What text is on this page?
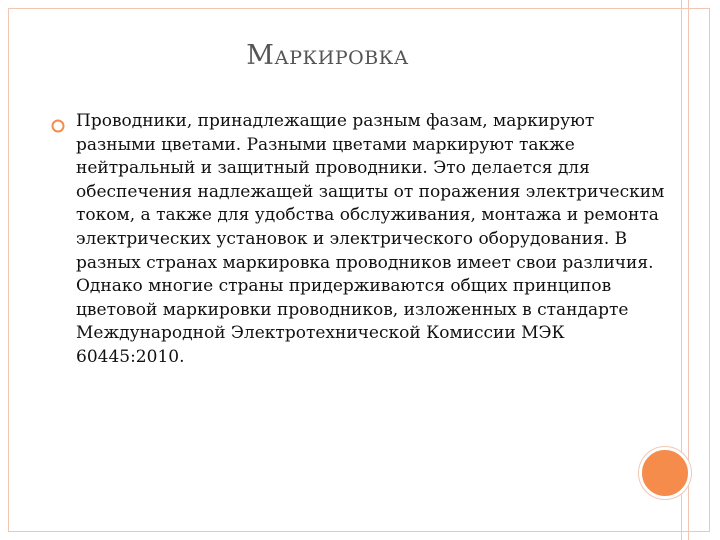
Маркировка

Проводники, принадлежащие разным фазам, маркируют разными цветами. Разными цветами маркируют также нейтральный и защитный проводники. Это делается для обеспечения надлежащей защиты от поражения электрическим током, а также для удобства обслуживания, монтажа и ремонта электрических установок и электрического оборудования. В разных странах маркировка проводников имеет свои различия. Однако многие страны придерживаются общих принципов цветовой маркировки проводников, изложенных в стандарте Международной Электротехнической Комиссии МЭК 60445:2010.
